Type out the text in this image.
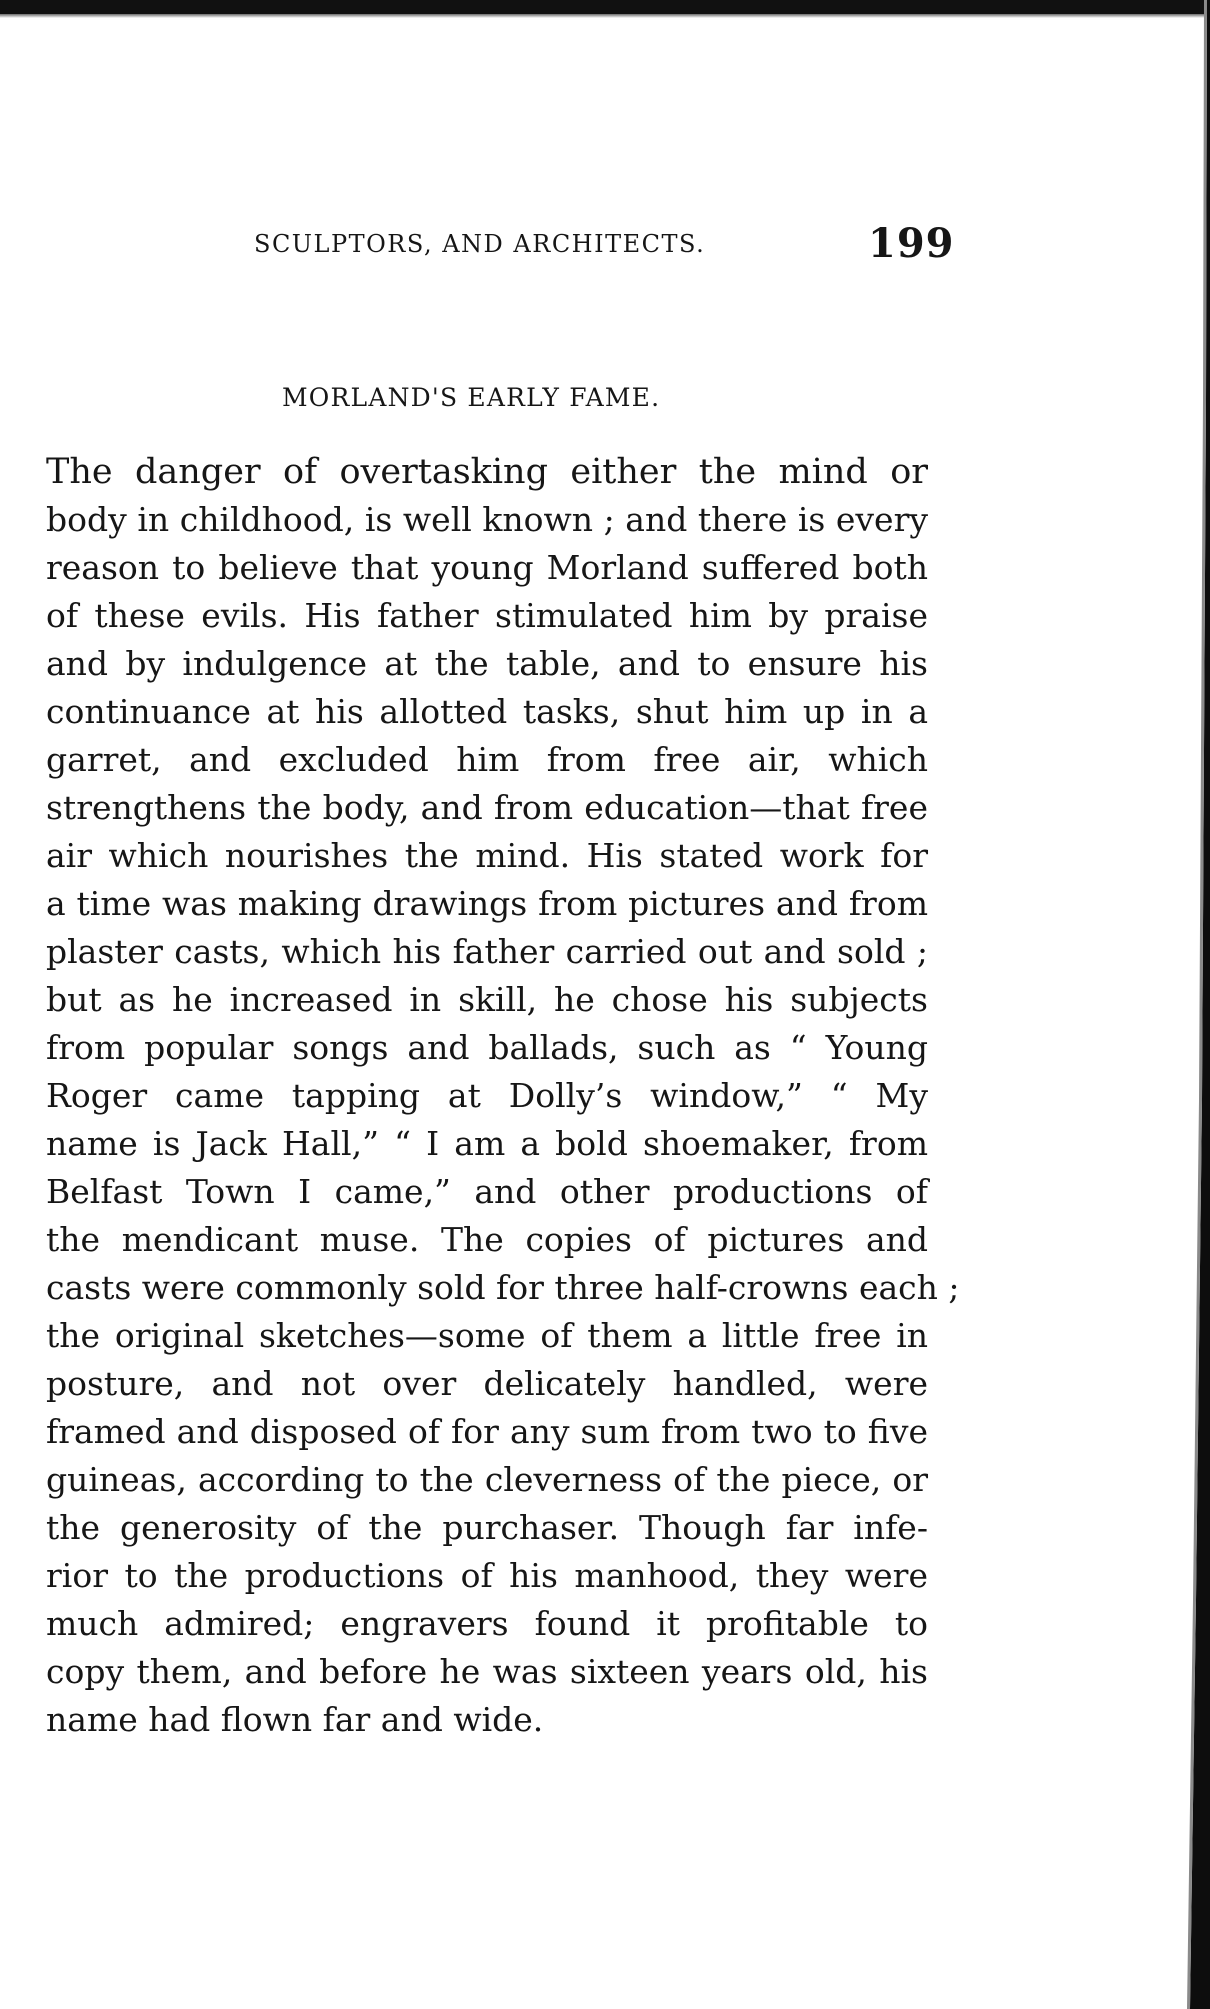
SCULPTORS, AND ARCHITECTS.	199
MORLAND'S EARLY FAME.
The danger of overtasking either the mind or
body in childhood, is well known ; and there is every
reason to believe that young Morland suffered both
of these evils. His father stimulated him by praise
and by indulgence at the table, and to ensure his
continuance at his allotted tasks, shut him up in a
garret, and excluded him from free air, which
strengthens the body, and from education—that free
air which nourishes the mind. His stated work for
a time was making drawings from pictures and from
plaster casts, which his father carried out and sold ;
but as he increased in skill, he chose his subjects
from popular songs and ballads, such as “ Young
Roger came tapping at Dolly’s window,” “ My
name is Jack Hall,” “ I am a bold shoemaker, from
Belfast Town I came,” and other productions of
the mendicant muse. The copies of pictures and
casts were commonly sold for three half-crowns each ;
the original sketches—some of them a little free in
posture, and not over delicately handled, were
framed and disposed of for any sum from two to five
guineas, according to the cleverness of the piece, or
the generosity of the purchaser. Though far infe-
rior to the productions of his manhood, they were
much admired; engravers found it profitable to
copy them, and before he was sixteen years old, his
name had flown far and wide.
